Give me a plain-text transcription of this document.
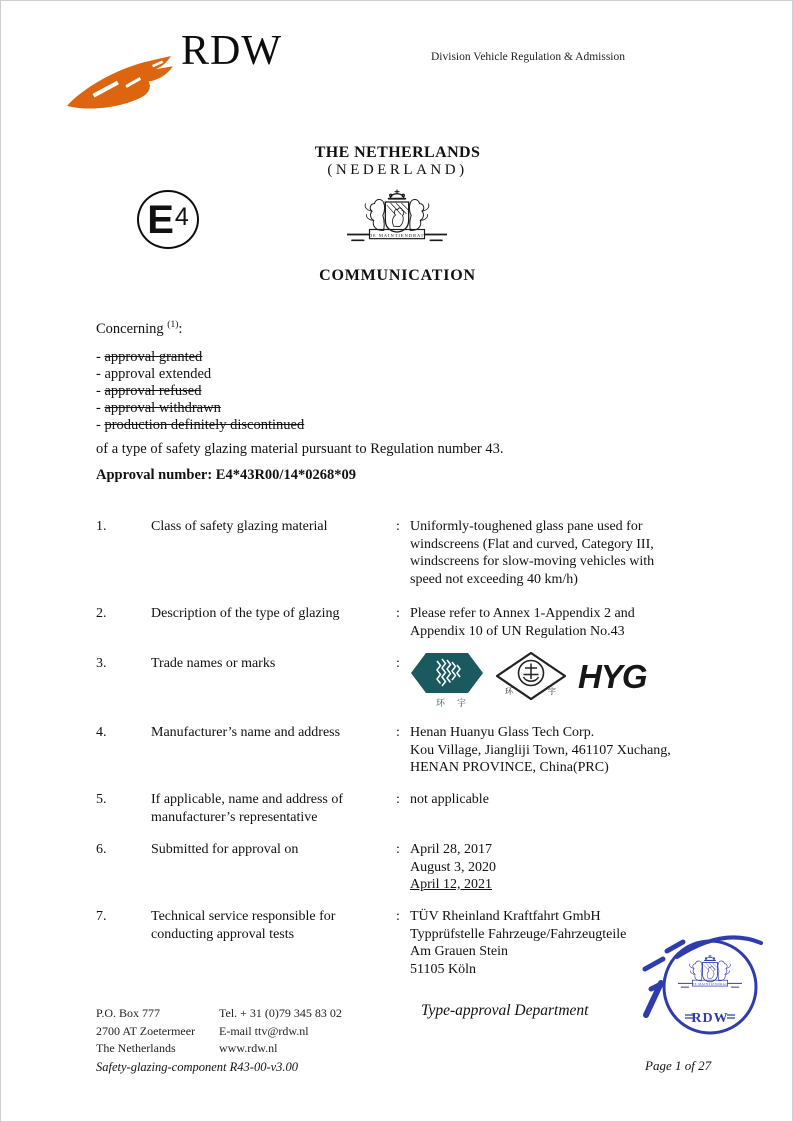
RDW	Division Vehicle Regulation & Admission
THE NETHERLANDS
(NEDERLAND)
E 4
COMMUNICATION
Concerning $^{(1)}$:
- approval granted
- approval extended
- approval refused
- approval withdrawn
- production definitely discontinued
of a type of safety glazing material pursuant to Regulation number 43.
Approval number: E4*43R00/14*0268*09
1.	Class of safety glazing material	: Uniformly-toughened glass pane used for
windscreens (Flat and curved, Category III,
windscreens for slow-moving vehicles with
speed not exceeding 40 km/h)
2.	Description of the type of glazing	: Please refer to Annex 1-Appendix 2 and
Appendix 10 of UN Regulation No.43
3.	Trade names or marks	:
环宇
环	宇 HYG
4.	Manufacturer’s name and address	: Henan Huanyu Glass Tech Corp.
Kou Village, Jiangliji Town, 461107 Xuchang,
HENAN PROVINCE, China(PRC)
5.	If applicable, name and address of
manufacturer’s representative
: not applicable
6.	Submitted for approval on	: April 28, 2017
August 3, 2020
April 12, 2021
7.	Technical service responsible for
conducting approval tests
: TÜV Rheinland Kraftfahrt GmbH
Typprüfstelle Fahrzeuge/Fahrzeugteile
Am Grauen Stein
51105 Köln
RDW
P.O. Box 777
2700 AT Zoetermeer
The Netherlands
Tel. + 31 (0)79 345 83 02
E-mail ttv@rdw.nl
www.rdw.nl
Type-approval Department
Safety-glazing-component R43-00-v3.00	Page 1 of 27
